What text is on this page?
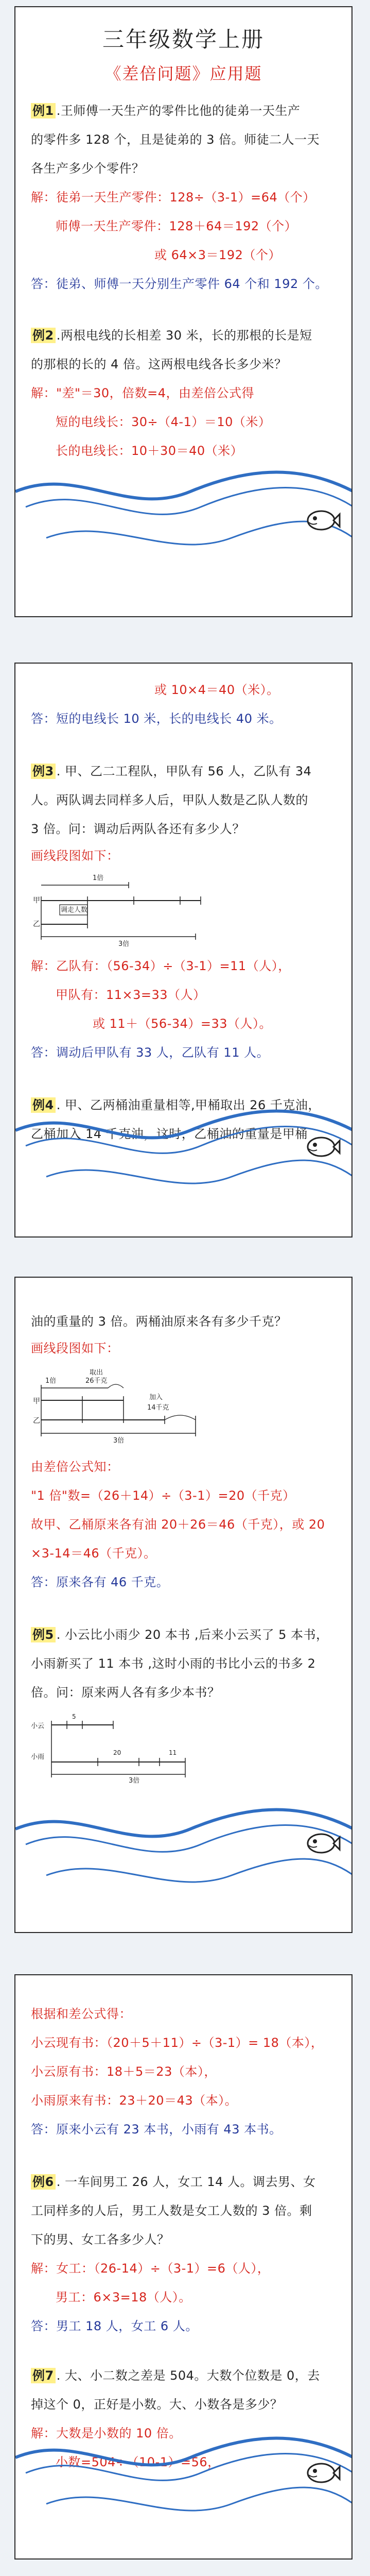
三年级数学上册
《差倍问题》应用题
例1 .王师傅一天生产的零件比他的徒弟一天生产
的零件多 128 个，且是徒弟的 3 倍。师徒二人一天
各生产多少个零件？
解：徒弟一天生产零件：128÷（3-1）=64（个）
师傅一天生产零件：128＋64＝192（个）
或 64×3＝192（个）
答：徒弟、师傅一天分别生产零件 64 个和 192 个。
例2 .两根电线的长相差 30 米，长的那根的长是短
的那根的长的 4 倍。这两根电线各长多少米？
解："差"＝30，倍数=4，由差倍公式得
短的电线长：30÷（4-1）＝10（米）
长的电线长：10＋30＝40（米）
或 10×4＝40（米）。
答：短的电线长 10 米，长的电线长 40 米。
例3 . 甲、乙二工程队，甲队有 56 人，乙队有 34
人。两队调去同样多人后，甲队人数是乙队人数的
3 倍。问：调动后两队各还有多少人？
画线段图如下：
甲
乙
1倍
调走人数
3倍
解：乙队有：（56-34）÷（3-1）=11（人），
甲队有：11×3=33（人）
或 11＋（56-34）=33（人）。
答：调动后甲队有 33 人，乙队有 11 人。
例4 . 甲、乙两桶油重量相等,甲桶取出 26 千克油，
乙桶加入 14 千克油，这时，乙桶油的重量是甲桶
油的重量的 3 倍。两桶油原来各有多少千克？
画线段图如下：
甲
乙
1倍
取出
26千克
加入
14千克
3倍
由差倍公式知：
"1 倍"数=（26＋14）÷（3-1）=20（千克）
故甲、乙桶原来各有油 20＋26＝46（千克），或 20
×3-14＝46（千克）。
答：原来各有 46 千克。
例5 . 小云比小雨少 20 本书 ,后来小云买了 5 本书，
小雨新买了 11 本书 ,这时小雨的书比小云的书多 2
倍。问：原来两人各有多少本书？
小云
小雨
5
20	11
3倍
根据和差公式得：
小云现有书：（20＋5＋11）÷（3-1）= 18（本），
小云原有书：18＋5＝23（本），
小雨原来有书：23＋20＝43（本）。
答：原来小云有 23 本书，小雨有 43 本书。
例6 . 一车间男工 26 人，女工 14 人。调去男、女
工同样多的人后，男工人数是女工人数的 3 倍。剩
下的男、女工各多少人？
解：女工：（26-14）÷（3-1）=6（人），
男工：6×3=18（人）。
答：男工 18 人，女工 6 人。
例7 . 大、小二数之差是 504。大数个位数是 0，去
掉这个 0，正好是小数。大、小数各是多少？
解：大数是小数的 10 倍。
小数=504÷（10-1）=56，
